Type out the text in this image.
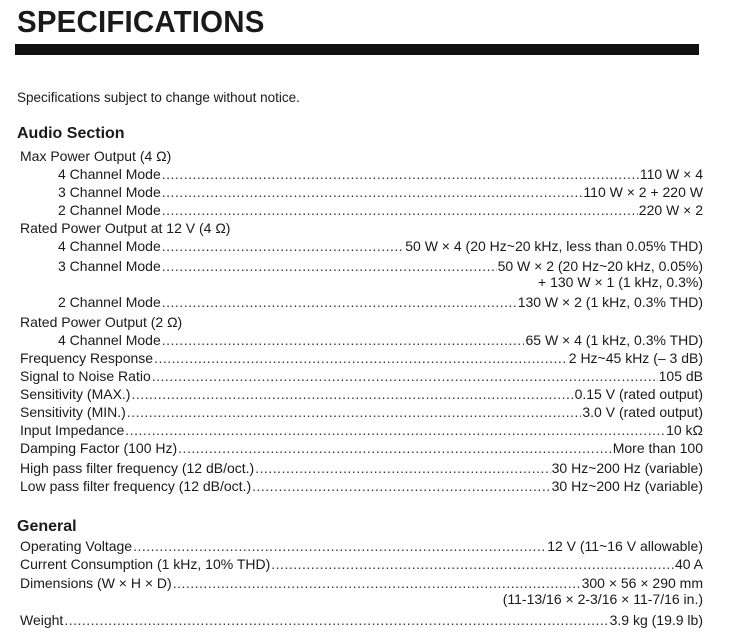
SPECIFICATIONS
Specifications subject to change without notice.
Audio Section
Max Power Output (4 Ω)
4 Channel Mode .....	110 W × 4
3 Channel Mode .....	110 W × 2 + 220 W
2 Channel Mode .....	220 W × 2
Rated Power Output at 12 V (4 Ω)
4 Channel Mode .....	50 W × 4 (20 Hz~20 kHz, less than 0.05% THD)
3 Channel Mode .....	50 W × 2 (20 Hz~20 kHz, 0.05%)
+ 130 W × 1 (1 kHz, 0.3%)
2 Channel Mode .....	130 W × 2 (1 kHz, 0.3% THD)
Rated Power Output (2 Ω)
4 Channel Mode .....	65 W × 4 (1 kHz, 0.3% THD)
Frequency Response .....	2 Hz~45 kHz (– 3 dB)
Signal to Noise Ratio .....	105 dB
Sensitivity (MAX.) .....	0.15 V (rated output)
Sensitivity (MIN.) .....	3.0 V (rated output)
Input Impedance .....	10 kΩ
Damping Factor (100 Hz) .....	More than 100
High pass filter frequency (12 dB/oct.) .....	30 Hz~200 Hz (variable)
Low pass filter frequency (12 dB/oct.) .....	30 Hz~200 Hz (variable)
General
Operating Voltage .....	12 V (11~16 V allowable)
Current Consumption (1 kHz, 10% THD) .....	40 A
Dimensions (W × H × D) .....	300 × 56 × 290 mm
(11-13/16 × 2-3/16 × 11-7/16 in.)
Weight .....	3.9 kg (19.9 lb)
